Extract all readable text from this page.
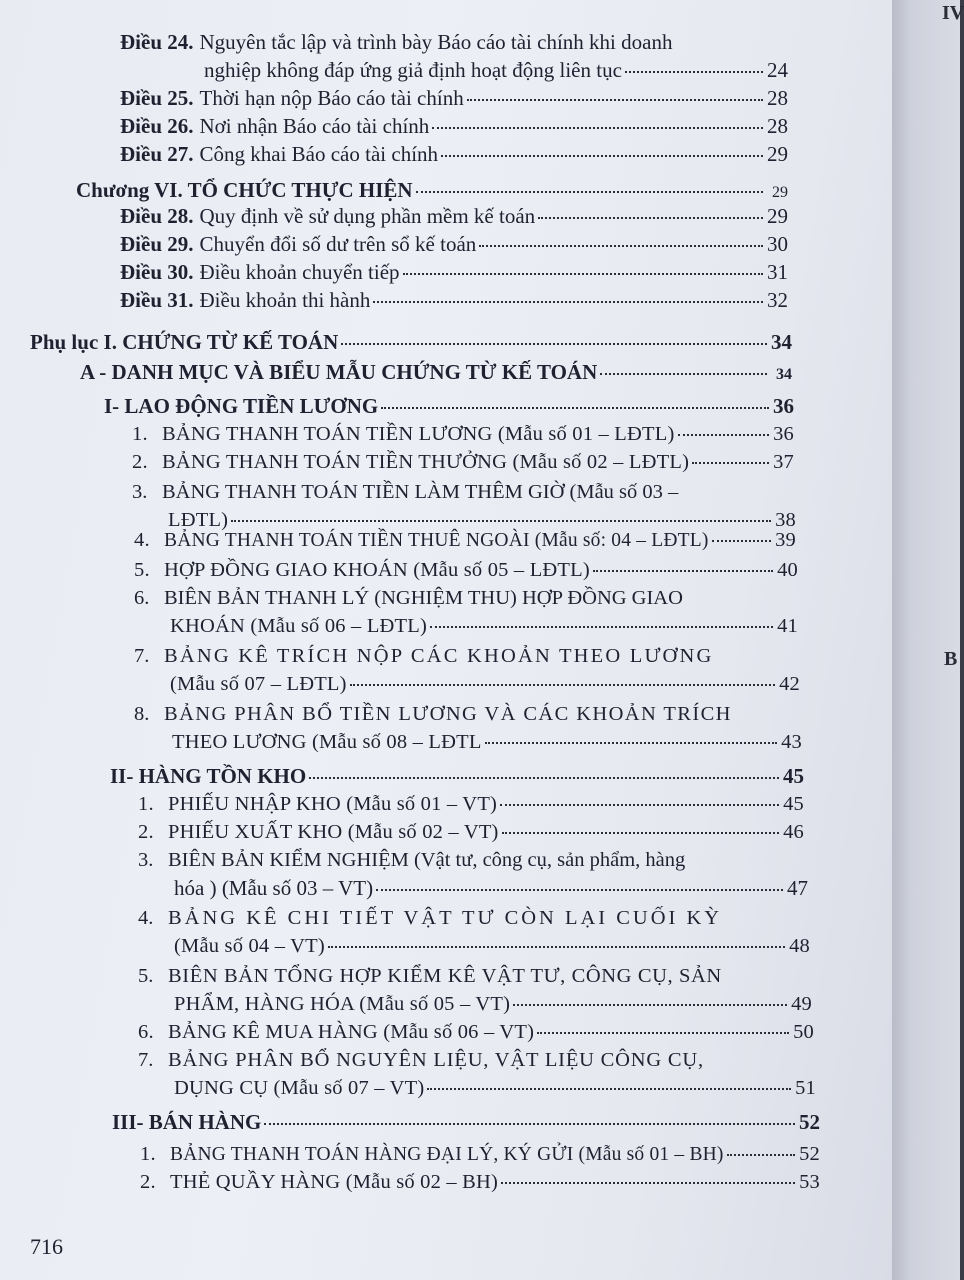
Điều 24. Nguyên tắc lập và trình bày Báo cáo tài chính khi doanh
nghiệp không đáp ứng giả định hoạt động liên tục	24
Điều 25. Thời hạn nộp Báo cáo tài chính	28
Điều 26. Nơi nhận Báo cáo tài chính	28
Điều 27. Công khai Báo cáo tài chính	29
Chương VI. TỔ CHỨC THỰC HIỆN	29
Điều 28. Quy định về sử dụng phần mềm kế toán	29
Điều 29. Chuyển đổi số dư trên sổ kế toán	30
Điều 30. Điều khoản chuyển tiếp	31
Điều 31. Điều khoản thi hành	32
Phụ lục I. CHỨNG TỪ KẾ TOÁN	34
A - DANH MỤC VÀ BIỂU MẪU CHỨNG TỪ KẾ TOÁN	34
I- LAO ĐỘNG TIỀN LƯƠNG	36
1. BẢNG THANH TOÁN TIỀN LƯƠNG (Mẫu số 01 – LĐTL)	36
2. BẢNG THANH TOÁN TIỀN THƯỞNG (Mẫu số 02 – LĐTL)	37
3. BẢNG THANH TOÁN TIỀN LÀM THÊM GIỜ (Mẫu số 03 –
LĐTL)	38
4. BẢNG THANH TOÁN TIỀN THUÊ NGOÀI (Mẫu số: 04 – LĐTL)	39
5. HỢP ĐỒNG GIAO KHOÁN (Mẫu số 05 – LĐTL)	40
6. BIÊN BẢN THANH LÝ (NGHIỆM THU) HỢP ĐỒNG GIAO
KHOÁN (Mẫu số 06 – LĐTL)	41
7. BẢNG KÊ TRÍCH NỘP CÁC KHOẢN THEO LƯƠNG
(Mẫu số 07 – LĐTL)	42
8. BẢNG PHÂN BỔ TIỀN LƯƠNG VÀ CÁC KHOẢN TRÍCH
THEO LƯƠNG (Mẫu số 08 – LĐTL	43
II- HÀNG TỒN KHO	45
1. PHIẾU NHẬP KHO (Mẫu số 01 – VT)	45
2. PHIẾU XUẤT KHO (Mẫu số 02 – VT)	46
3. BIÊN BẢN KIỂM NGHIỆM (Vật tư, công cụ, sản phẩm, hàng
hóa ) (Mẫu số 03 – VT)	47
4. BẢNG KÊ CHI TIẾT VẬT TƯ CÒN LẠI CUỐI KỲ
(Mẫu số 04 – VT)	48
5. BIÊN BẢN TỔNG HỢP KIỂM KÊ VẬT TƯ, CÔNG CỤ, SẢN
PHẨM, HÀNG HÓA (Mẫu số 05 – VT)	49
6. BẢNG KÊ MUA HÀNG (Mẫu số 06 – VT)	50
7. BẢNG PHÂN BỔ NGUYÊN LIỆU, VẬT LIỆU CÔNG CỤ,
DỤNG CỤ (Mẫu số 07 – VT)	51
III- BÁN HÀNG	52
1. BẢNG THANH TOÁN HÀNG ĐẠI LÝ, KÝ GỬI (Mẫu số 01 – BH)	52
2. THẺ QUẦY HÀNG (Mẫu số 02 – BH)	53
716
IV
B
